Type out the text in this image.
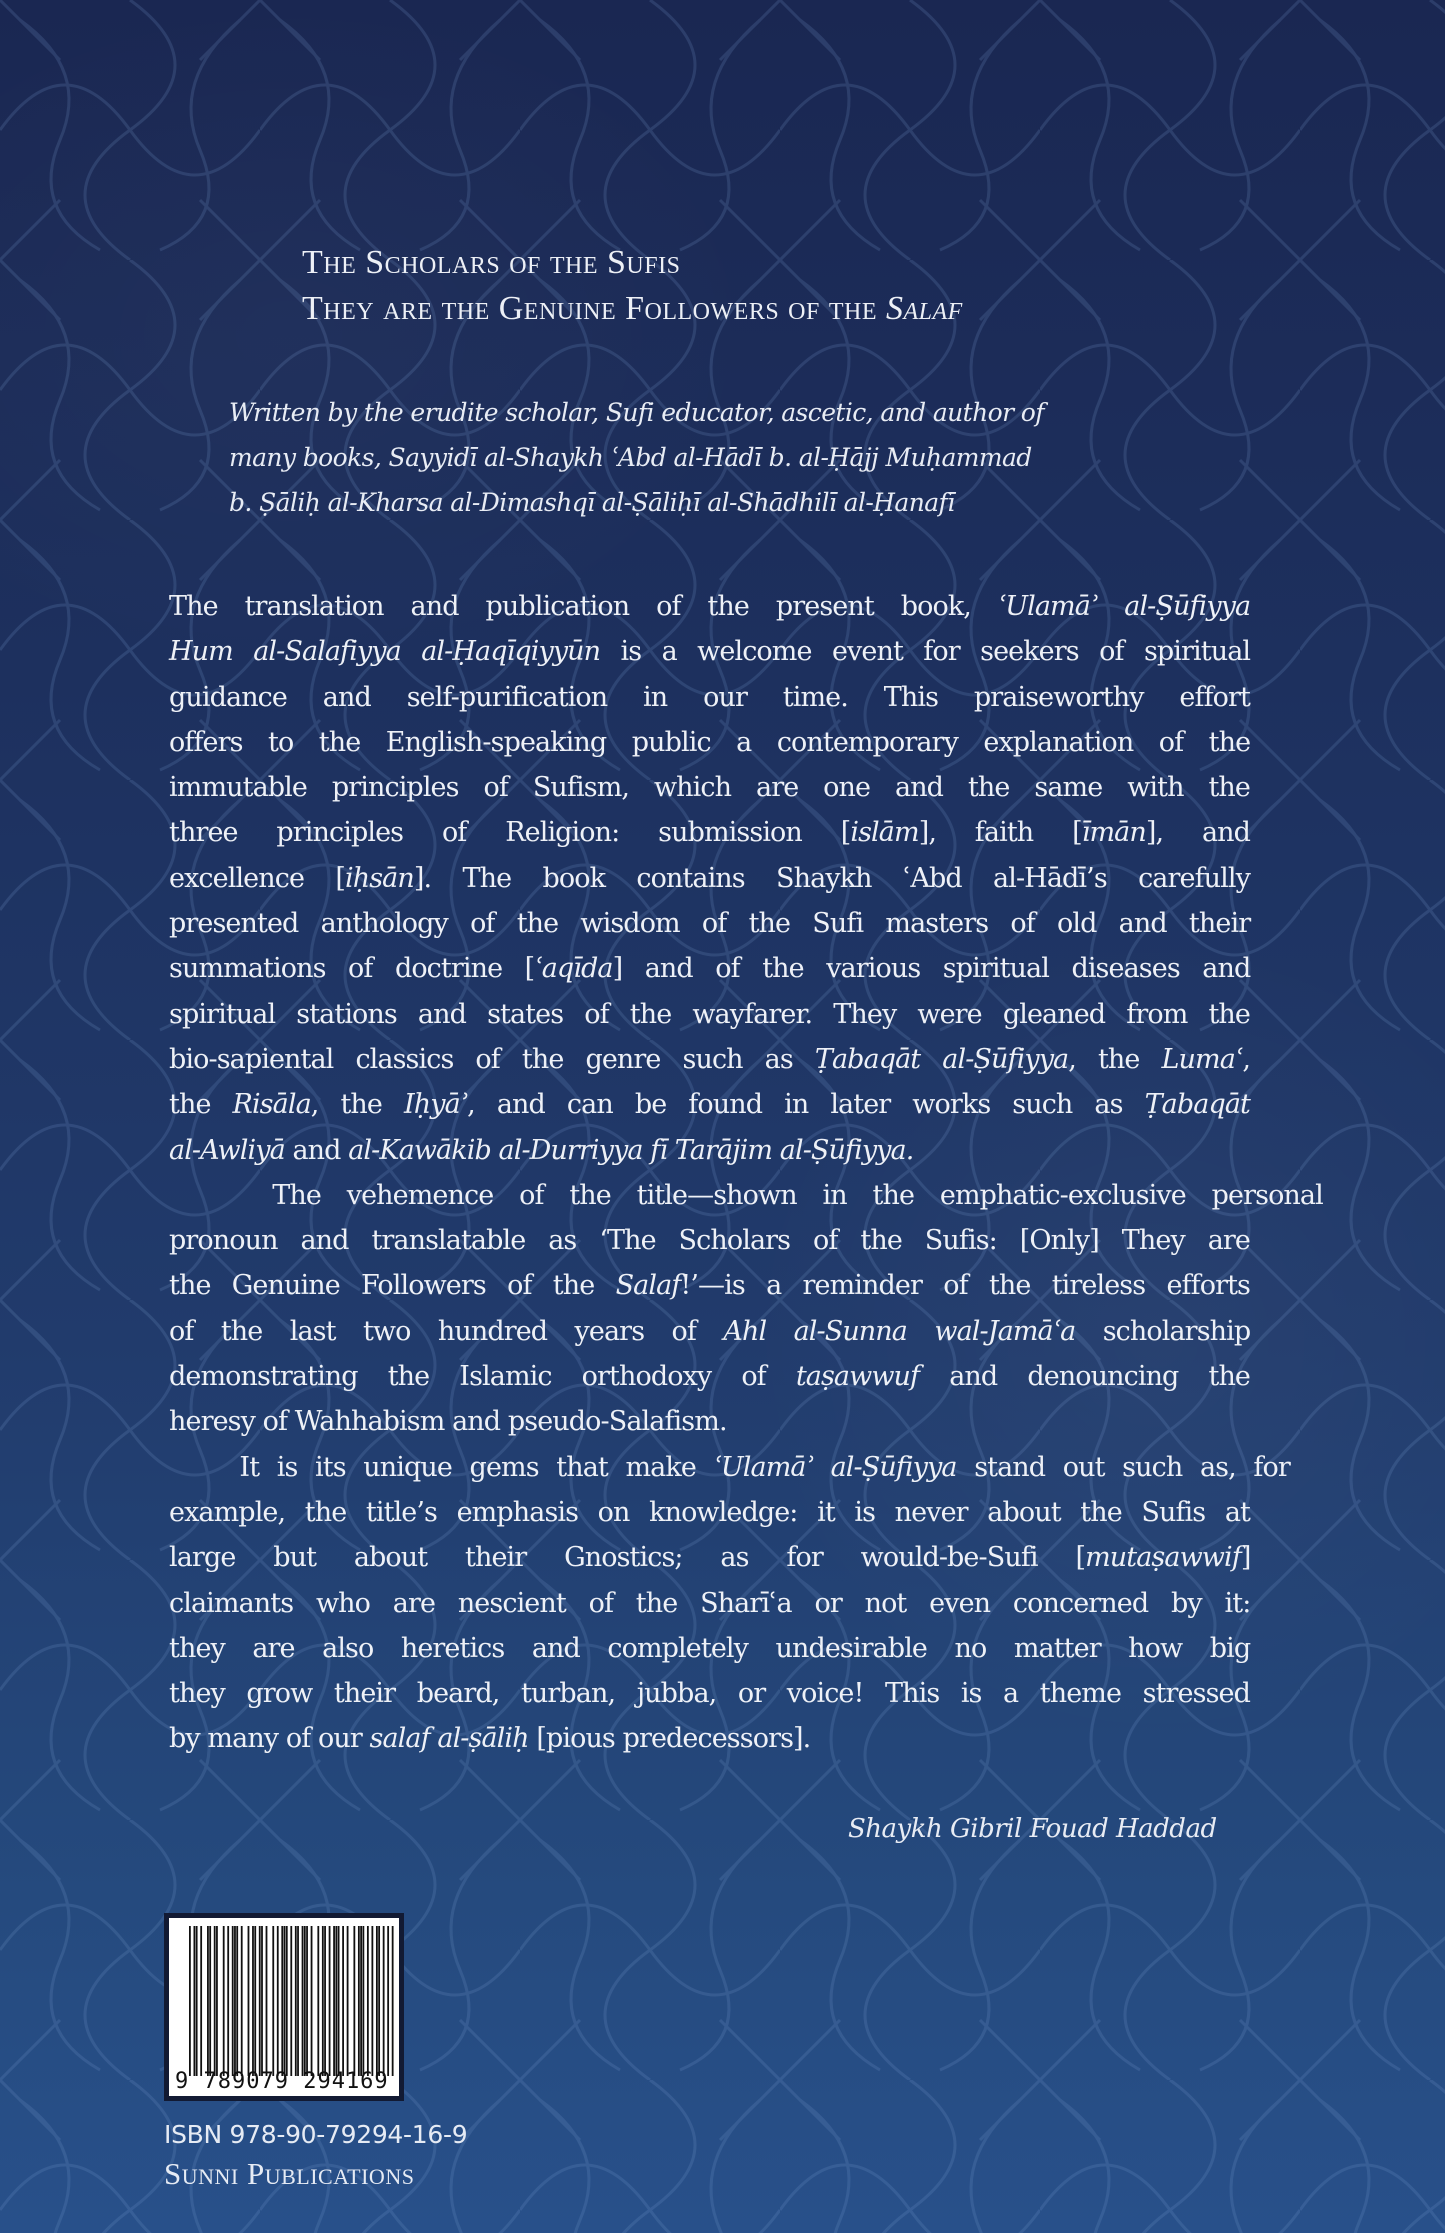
The Scholars of the Sufis
They are the Genuine Followers of the Salaf
Written by the erudite scholar, Sufi educator, ascetic, and author of
many books, Sayyidī al-Shaykh ʿAbd al-Hādī b. al-Ḥājj Muḥammad
b. Ṣāliḥ al-Kharsa al-Dimashqī al-Ṣāliḥī al-Shādhilī al-Ḥanafī
The translation and publication of the present book, ʿUlamāʾ al-Ṣūfiyya
Hum al-Salafiyya al-Ḥaqīqiyyūn is a welcome event for seekers of spiritual
guidance and self-purification in our time. This praiseworthy effort
offers to the English-speaking public a contemporary explanation of the
immutable principles of Sufism, which are one and the same with the
three principles of Religion: submission [islām], faith [īmān], and
excellence [iḥsān]. The book contains Shaykh ʿAbd al-Hādī’s carefully
presented anthology of the wisdom of the Sufi masters of old and their
summations of doctrine [ʿaqīda] and of the various spiritual diseases and
spiritual stations and states of the wayfarer. They were gleaned from the
bio-sapiental classics of the genre such as Ṭabaqāt al-Ṣūfiyya, the Lumaʿ,
the Risāla, the Iḥyāʾ, and can be found in later works such as Ṭabaqāt
al-Awliyā and al-Kawākib al-Durriyya fī Tarājim al-Ṣūfiyya.
The vehemence of the title—shown in the emphatic-exclusive personal
pronoun and translatable as ‘The Scholars of the Sufis: [Only] They are
the Genuine Followers of the Salaf!’—is a reminder of the tireless efforts
of the last two hundred years of Ahl al-Sunna wal-Jamāʿa scholarship
demonstrating the Islamic orthodoxy of taṣawwuf and denouncing the
heresy of Wahhabism and pseudo-Salafism.
It is its unique gems that make ʿUlamāʾ al-Ṣūfiyya stand out such as, for
example, the title’s emphasis on knowledge: it is never about the Sufis at
large but about their Gnostics; as for would-be-Sufi [mutaṣawwif]
claimants who are nescient of the Sharīʿa or not even concerned by it:
they are also heretics and completely undesirable no matter how big
they grow their beard, turban, jubba, or voice! This is a theme stressed
by many of our salaf al-ṣāliḥ [pious predecessors].
Shaykh Gibril Fouad Haddad
9 789079 294169
ISBN 978-90-79294-16-9
Sunni Publications
